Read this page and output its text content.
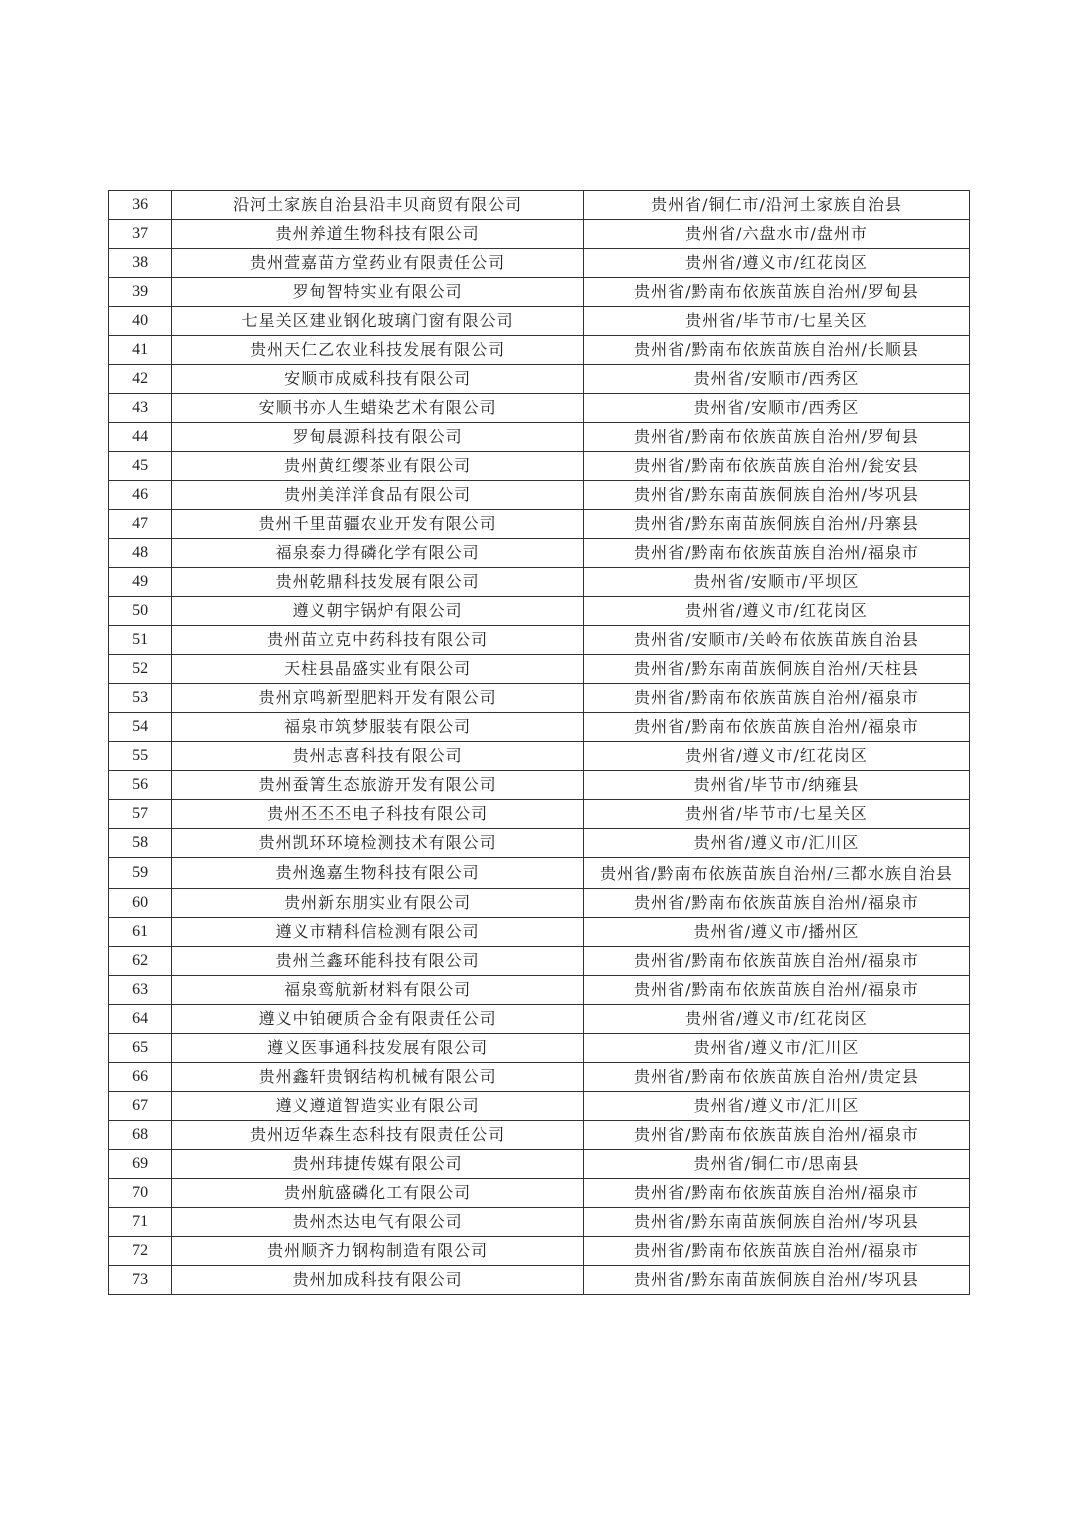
36	沿河土家族自治县沿丰贝商贸有限公司	贵州省/铜仁市/沿河土家族自治县
37	贵州养道生物科技有限公司	贵州省/六盘水市/盘州市
38	贵州萱嘉苗方堂药业有限责任公司	贵州省/遵义市/红花岗区
39	罗甸智特实业有限公司	贵州省/黔南布依族苗族自治州/罗甸县
40	七星关区建业钢化玻璃门窗有限公司	贵州省/毕节市/七星关区
41	贵州天仁乙农业科技发展有限公司	贵州省/黔南布依族苗族自治州/长顺县
42	安顺市成威科技有限公司	贵州省/安顺市/西秀区
43	安顺书亦人生蜡染艺术有限公司	贵州省/安顺市/西秀区
44	罗甸晨源科技有限公司	贵州省/黔南布依族苗族自治州/罗甸县
45	贵州黄红缨茶业有限公司	贵州省/黔南布依族苗族自治州/瓮安县
46	贵州美洋洋食品有限公司	贵州省/黔东南苗族侗族自治州/岑巩县
47	贵州千里苗疆农业开发有限公司	贵州省/黔东南苗族侗族自治州/丹寨县
48	福泉泰力得磷化学有限公司	贵州省/黔南布依族苗族自治州/福泉市
49	贵州乾鼎科技发展有限公司	贵州省/安顺市/平坝区
50	遵义朝宇锅炉有限公司	贵州省/遵义市/红花岗区
51	贵州苗立克中药科技有限公司	贵州省/安顺市/关岭布依族苗族自治县
52	天柱县晶盛实业有限公司	贵州省/黔东南苗族侗族自治州/天柱县
53	贵州京鸣新型肥料开发有限公司	贵州省/黔南布依族苗族自治州/福泉市
54	福泉市筑梦服装有限公司	贵州省/黔南布依族苗族自治州/福泉市
55	贵州志喜科技有限公司	贵州省/遵义市/红花岗区
56	贵州蚕箐生态旅游开发有限公司	贵州省/毕节市/纳雍县
57	贵州丕丕丕电子科技有限公司	贵州省/毕节市/七星关区
58	贵州凯环环境检测技术有限公司	贵州省/遵义市/汇川区
59	贵州逸嘉生物科技有限公司	贵州省/黔南布依族苗族自治州/三都水族自治县
60	贵州新东朋实业有限公司	贵州省/黔南布依族苗族自治州/福泉市
61	遵义市精科信检测有限公司	贵州省/遵义市/播州区
62	贵州兰鑫环能科技有限公司	贵州省/黔南布依族苗族自治州/福泉市
63	福泉鸾航新材料有限公司	贵州省/黔南布依族苗族自治州/福泉市
64	遵义中铂硬质合金有限责任公司	贵州省/遵义市/红花岗区
65	遵义医事通科技发展有限公司	贵州省/遵义市/汇川区
66	贵州鑫轩贵钢结构机械有限公司	贵州省/黔南布依族苗族自治州/贵定县
67	遵义遵道智造实业有限公司	贵州省/遵义市/汇川区
68	贵州迈华森生态科技有限责任公司	贵州省/黔南布依族苗族自治州/福泉市
69	贵州玮捷传媒有限公司	贵州省/铜仁市/思南县
70	贵州航盛磷化工有限公司	贵州省/黔南布依族苗族自治州/福泉市
71	贵州杰达电气有限公司	贵州省/黔东南苗族侗族自治州/岑巩县
72	贵州顺齐力钢构制造有限公司	贵州省/黔南布依族苗族自治州/福泉市
73	贵州加成科技有限公司	贵州省/黔东南苗族侗族自治州/岑巩县
